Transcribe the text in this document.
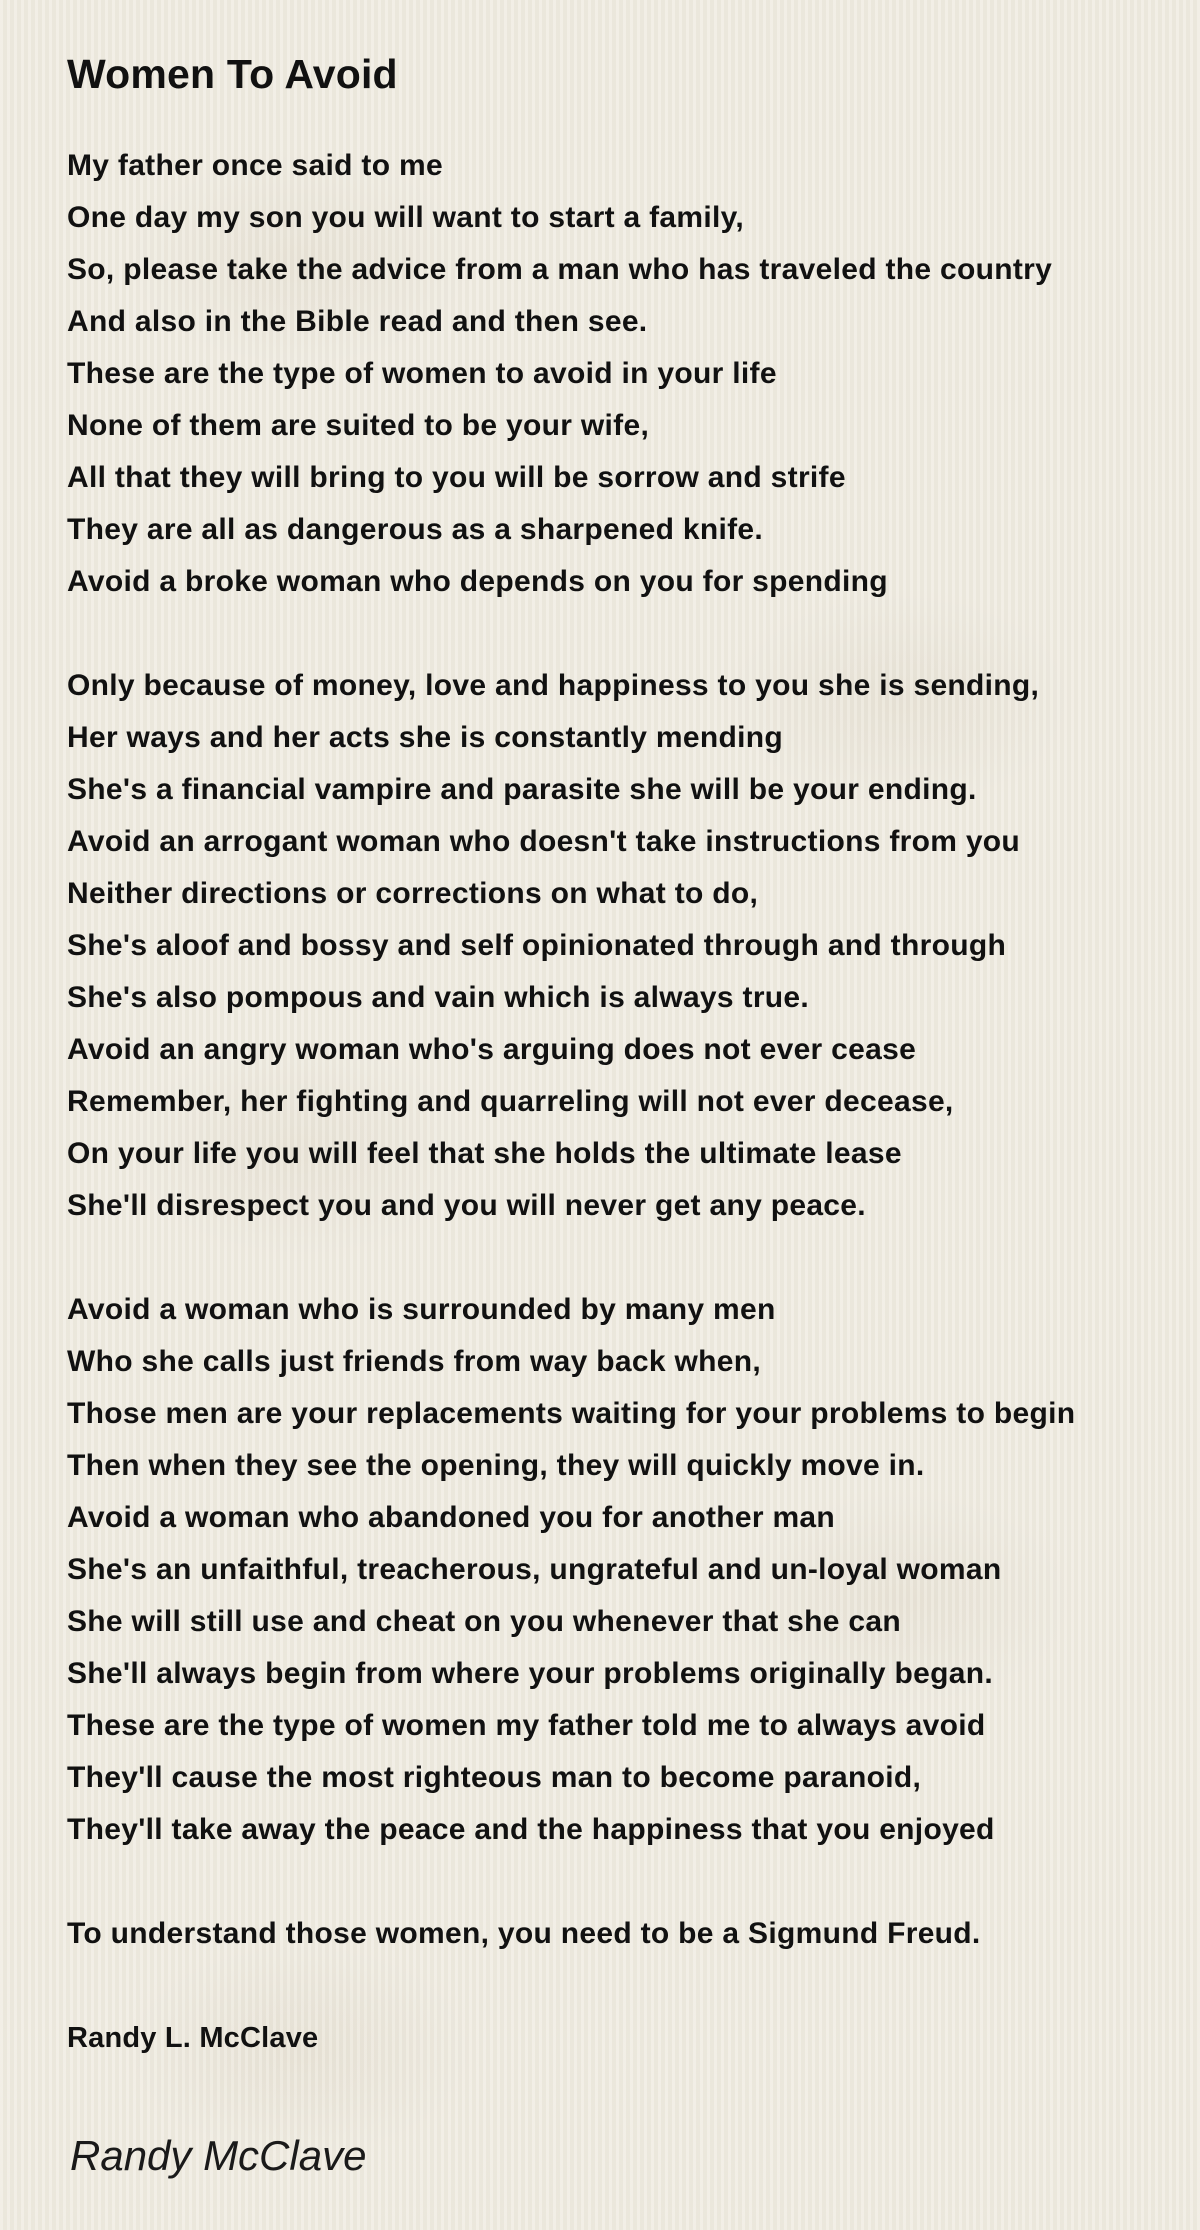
Women To Avoid
My father once said to me
One day my son you will want to start a family,
So, please take the advice from a man who has traveled the country
And also in the Bible read and then see.
These are the type of women to avoid in your life
None of them are suited to be your wife,
All that they will bring to you will be sorrow and strife
They are all as dangerous as a sharpened knife.
Avoid a broke woman who depends on you for spending
Only because of money, love and happiness to you she is sending,
Her ways and her acts she is constantly mending
She's a financial vampire and parasite she will be your ending.
Avoid an arrogant woman who doesn't take instructions from you
Neither directions or corrections on what to do,
She's aloof and bossy and self opinionated through and through
She's also pompous and vain which is always true.
Avoid an angry woman who's arguing does not ever cease
Remember, her fighting and quarreling will not ever decease,
On your life you will feel that she holds the ultimate lease
She'll disrespect you and you will never get any peace.
Avoid a woman who is surrounded by many men
Who she calls just friends from way back when,
Those men are your replacements waiting for your problems to begin
Then when they see the opening, they will quickly move in.
Avoid a woman who abandoned you for another man
She's an unfaithful, treacherous, ungrateful and un-loyal woman
She will still use and cheat on you whenever that she can
She'll always begin from where your problems originally began.
These are the type of women my father told me to always avoid
They'll cause the most righteous man to become paranoid,
They'll take away the peace and the happiness that you enjoyed
To understand those women, you need to be a Sigmund Freud.
Randy L. McClave
Randy McClave
